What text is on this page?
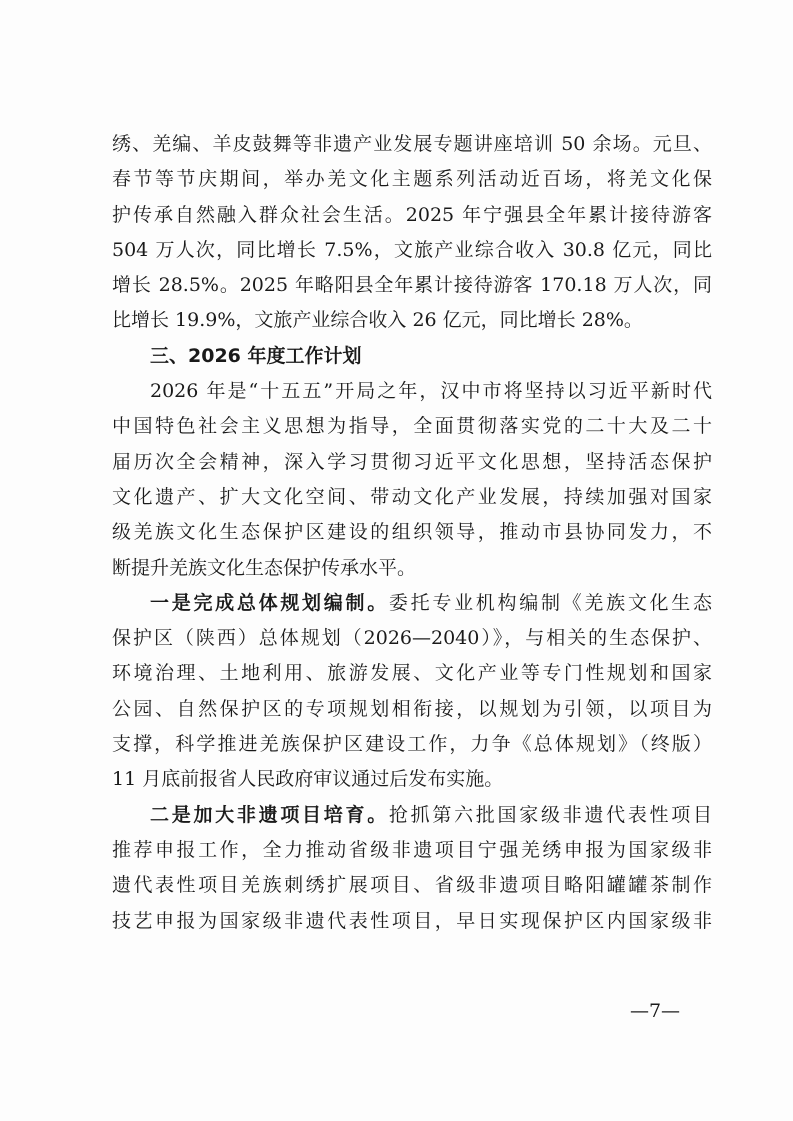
绣、羌编、羊皮鼓舞等非遗产业发展专题讲座培训 50 余场。元旦、
春节等节庆期间，举办羌文化主题系列活动近百场，将羌文化保
护传承自然融入群众社会生活。2025 年宁强县全年累计接待游客
504 万人次，同比增长 7.5%，文旅产业综合收入 30.8 亿元，同比
增长 28.5%。2025 年略阳县全年累计接待游客 170.18 万人次，同
比增长 19.9%，文旅产业综合收入 26 亿元，同比增长 28%。
三、2026 年度工作计划
2026 年是“十五五”开局之年，汉中市将坚持以习近平新时代
中国特色社会主义思想为指导，全面贯彻落实党的二十大及二十
届历次全会精神，深入学习贯彻习近平文化思想，坚持活态保护
文化遗产、扩大文化空间、带动文化产业发展，持续加强对国家
级羌族文化生态保护区建设的组织领导，推动市县协同发力，不
断提升羌族文化生态保护传承水平。
一是完成总体规划编制。委托专业机构编制《羌族文化生态
保护区（陕西）总体规划（2026—2040）》，与相关的生态保护、
环境治理、土地利用、旅游发展、文化产业等专门性规划和国家
公园、自然保护区的专项规划相衔接，以规划为引领，以项目为
支撑，科学推进羌族保护区建设工作，力争《总体规划》（终版）
11 月底前报省人民政府审议通过后发布实施。
二是加大非遗项目培育。抢抓第六批国家级非遗代表性项目
推荐申报工作，全力推动省级非遗项目宁强羌绣申报为国家级非
遗代表性项目羌族刺绣扩展项目、省级非遗项目略阳罐罐茶制作
技艺申报为国家级非遗代表性项目，早日实现保护区内国家级非
—7—
